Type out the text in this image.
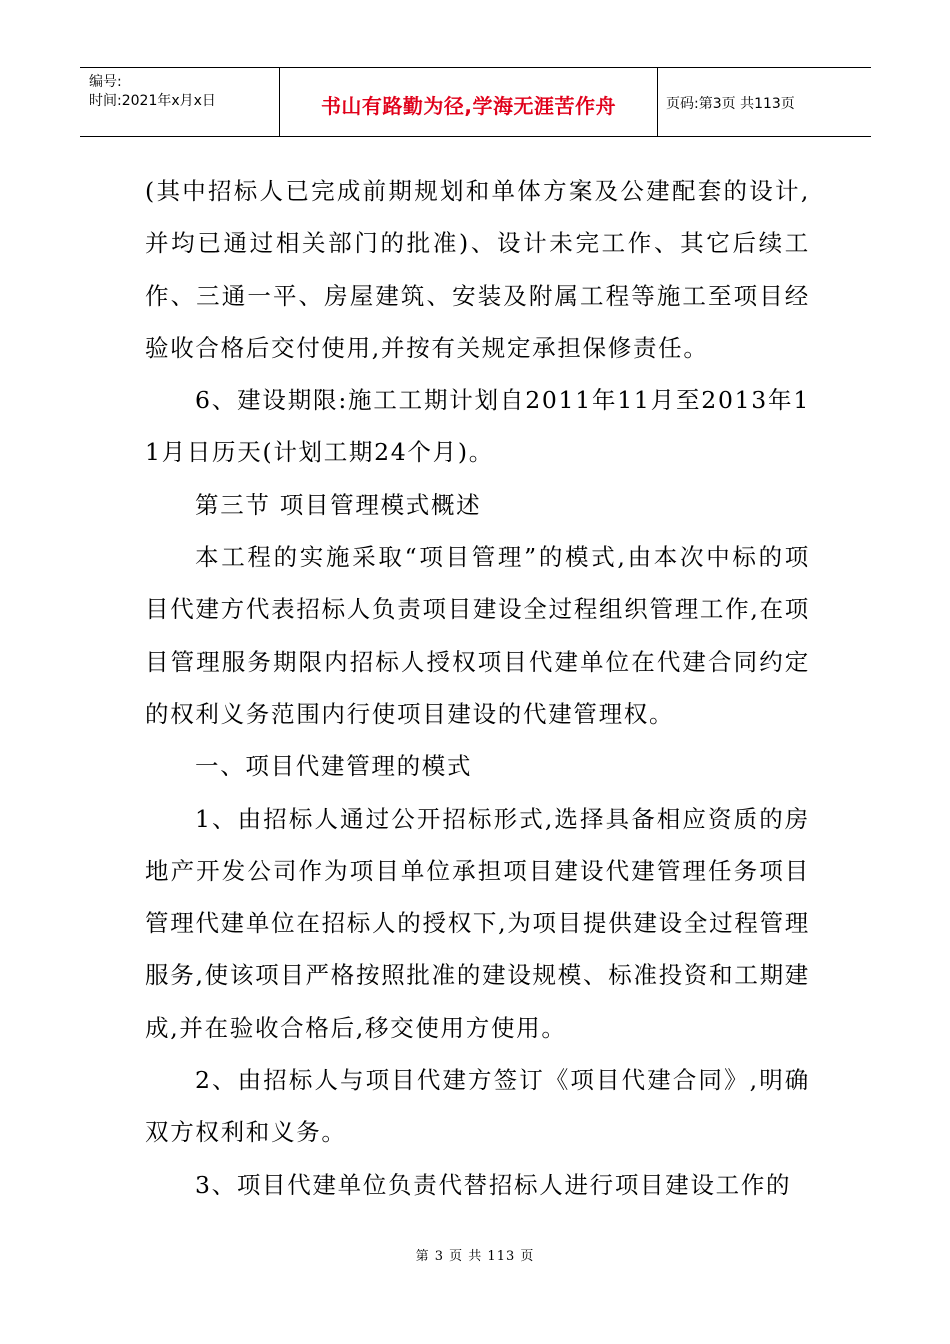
编号:
时间:2021年x月x日	书山有路勤为径,学海无涯苦作舟	页码:第3页 共113页

(其中招标人已完成前期规划和单体方案及公建配套的设计,并均已通过相关部门的批准)、设计未完工作、其它后续工作、三通一平、房屋建筑、安装及附属工程等施工至项目经验收合格后交付使用,并按有关规定承担保修责任。

6、建设期限:施工工期计划自2011年11月至2013年11月日历天(计划工期24个月)。

第三节 项目管理模式概述

本工程的实施采取“项目管理”的模式,由本次中标的项目代建方代表招标人负责项目建设全过程组织管理工作,在项目管理服务期限内招标人授权项目代建单位在代建合同约定的权利义务范围内行使项目建设的代建管理权。

一、项目代建管理的模式

1、由招标人通过公开招标形式,选择具备相应资质的房地产开发公司作为项目单位承担项目建设代建管理任务项目管理代建单位在招标人的授权下,为项目提供建设全过程管理服务,使该项目严格按照批准的建设规模、标准投资和工期建成,并在验收合格后,移交使用方使用。

2、由招标人与项目代建方签订《项目代建合同》,明确双方权利和义务。

3、项目代建单位负责代替招标人进行项目建设工作的

第 3 页 共 113 页
